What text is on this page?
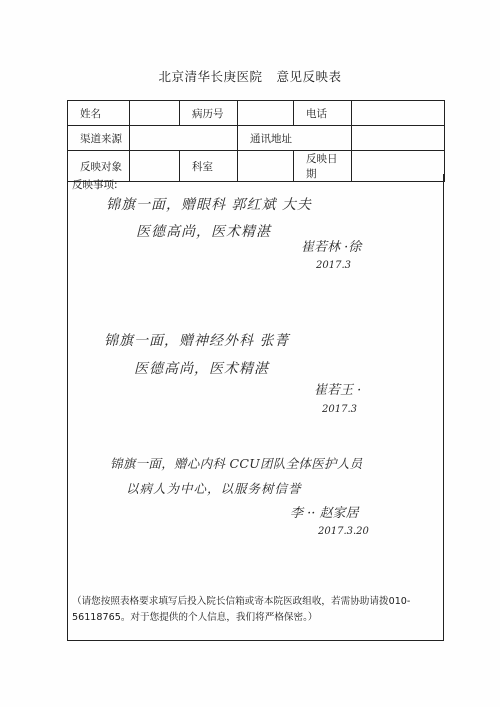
北京清华长庚医院 意见反映表
姓名		病历号		电话	
渠道来源			通讯地址		
反映对象		科室		反映日期	
反映事项:
锦旗一面，赠眼科 郭红斌 大夫
医德高尚，医术精湛
崔若林 ·徐
2017.3
锦旗一面，赠神经外科 张菁
医德高尚，医术精湛
崔若王 ·
2017.3
锦旗一面，赠心内科 CCU团队全体医护人员
以病人为中心，以服务树信誉
李 ·· 赵家居
2017.3.20
（请您按照表格要求填写后投入院长信箱或寄本院医政组收，若需协助请拨010-56118765。对于您提供的个人信息，我们将严格保密。）
